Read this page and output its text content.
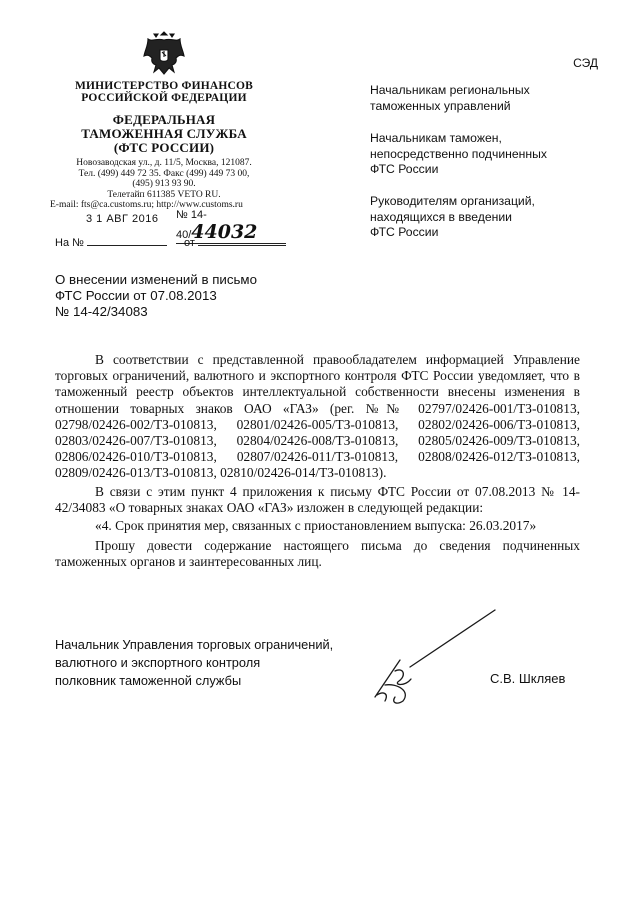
МИНИСТЕРСТВО ФИНАНСОВ
РОССИЙСКОЙ ФЕДЕРАЦИИ
ФЕДЕРАЛЬНАЯ
ТАМОЖЕННАЯ СЛУЖБА
(ФТС РОССИИ)
Новозаводская ул., д. 11/5, Москва, 121087.
Тел. (499) 449 72 35. Факс (499) 449 73 00,
(495) 913 93 90.
Телетайп 611385 VETO RU.
E-mail: fts@ca.customs.ru; http://www.customs.ru
СЭД
3 1 АВГ 2016 № 14-40/44032
На №	от
Начальникам региональных
таможенных управлений
Начальникам таможен,
непосредственно подчиненных
ФТС России
Руководителям организаций,
находящихся в введении
ФТС России
О внесении изменений в письмо
ФТС России от 07.08.2013
№ 14-42/34083

В соответствии с представленной правообладателем информацией Управление торговых ограничений, валютного и экспортного контроля ФТС России уведомляет, что в таможенный реестр объектов интеллектуальной собственности внесены изменения в отношении товарных знаков ОАО «ГАЗ» (рег. №№ 02797/02426-001/ТЗ-010813, 02798/02426-002/ТЗ-010813, 02801/02426-005/ТЗ-010813, 02802/02426-006/ТЗ-010813, 02803/02426-007/ТЗ-010813, 02804/02426-008/ТЗ-010813, 02805/02426-009/ТЗ-010813, 02806/02426-010/ТЗ-010813, 02807/02426-011/ТЗ-010813, 02808/02426-012/ТЗ-010813, 02809/02426-013/ТЗ-010813, 02810/02426-014/ТЗ-010813).

В связи с этим пункт 4 приложения к письму ФТС России от 07.08.2013 № 14-42/34083 «О товарных знаках ОАО «ГАЗ» изложен в следующей редакции:

«4. Срок принятия мер, связанных с приостановлением выпуска: 26.03.2017»

Прошу довести содержание настоящего письма до сведения подчиненных таможенных органов и заинтересованных лиц.

Начальник Управления торговых ограничений,
валютного и экспортного контроля
полковник таможенной службы	С.В. Шкляев
